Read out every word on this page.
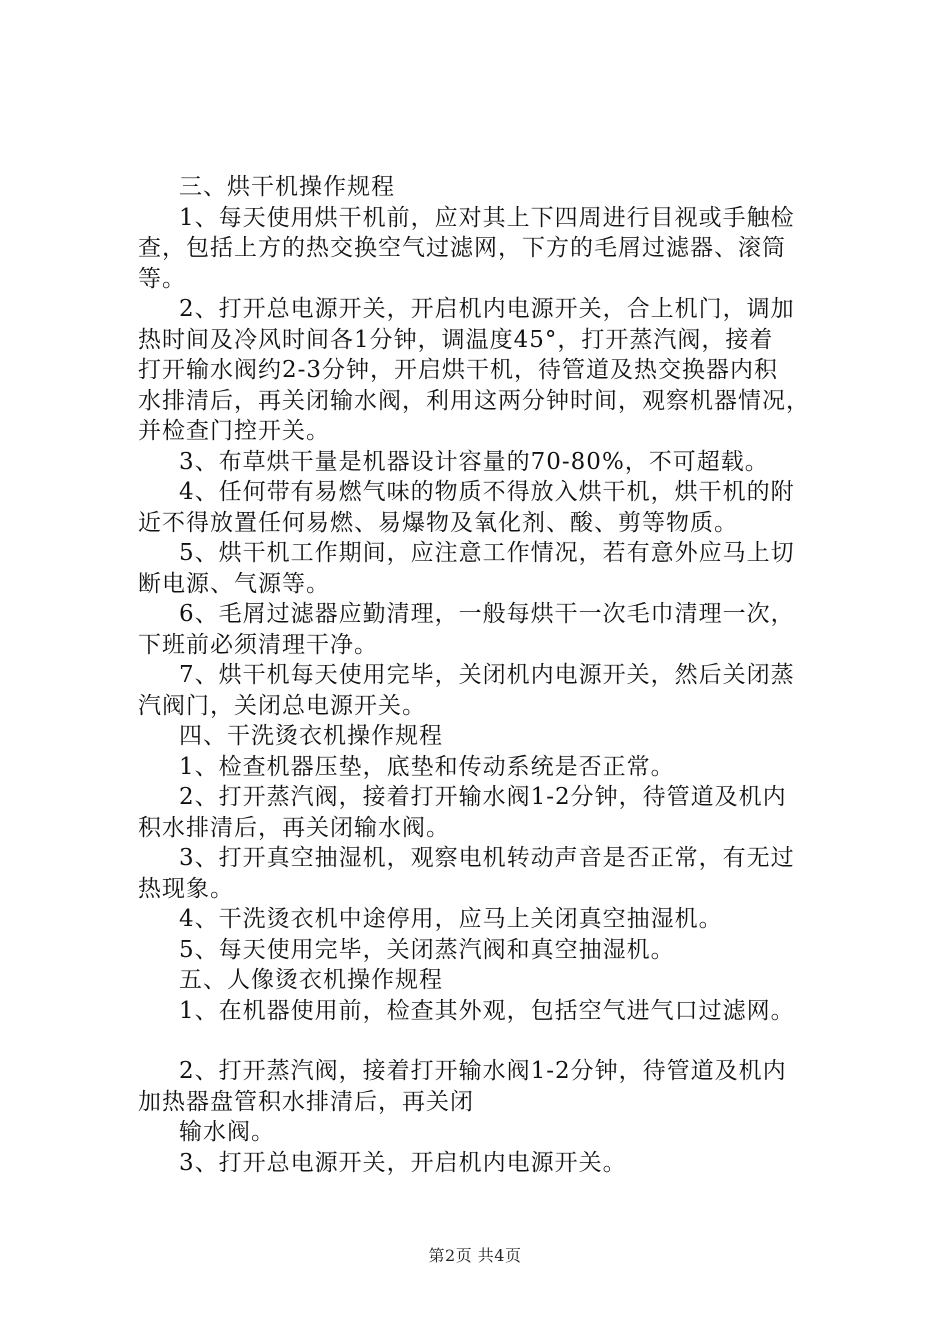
三、烘干机操作规程
1、每天使用烘干机前，应对其上下四周进行目视或手触检
查，包括上方的热交换空气过滤网，下方的毛屑过滤器、滚筒
等。
2、打开总电源开关，开启机内电源开关，合上机门，调加
热时间及冷风时间各1分钟，调温度45°，打开蒸汽阀，接着
打开输水阀约2-3分钟，开启烘干机，待管道及热交换器内积
水排清后，再关闭输水阀，利用这两分钟时间，观察机器情况，
并检查门控开关。
3、布草烘干量是机器设计容量的70-80%，不可超载。
4、任何带有易燃气味的物质不得放入烘干机，烘干机的附
近不得放置任何易燃、易爆物及氧化剂、酸、剪等物质。
5、烘干机工作期间，应注意工作情况，若有意外应马上切
断电源、气源等。
6、毛屑过滤器应勤清理，一般每烘干一次毛巾清理一次，
下班前必须清理干净。
7、烘干机每天使用完毕，关闭机内电源开关，然后关闭蒸
汽阀门，关闭总电源开关。
四、干洗烫衣机操作规程
1、检查机器压垫，底垫和传动系统是否正常。
2、打开蒸汽阀，接着打开输水阀1-2分钟，待管道及机内
积水排清后，再关闭输水阀。
3、打开真空抽湿机，观察电机转动声音是否正常，有无过
热现象。
4、干洗烫衣机中途停用，应马上关闭真空抽湿机。
5、每天使用完毕，关闭蒸汽阀和真空抽湿机。
五、人像烫衣机操作规程
1、在机器使用前，检查其外观，包括空气进气口过滤网。
2、打开蒸汽阀，接着打开输水阀1-2分钟，待管道及机内
加热器盘管积水排清后，再关闭
输水阀。
3、打开总电源开关，开启机内电源开关。
第2页 共4页
